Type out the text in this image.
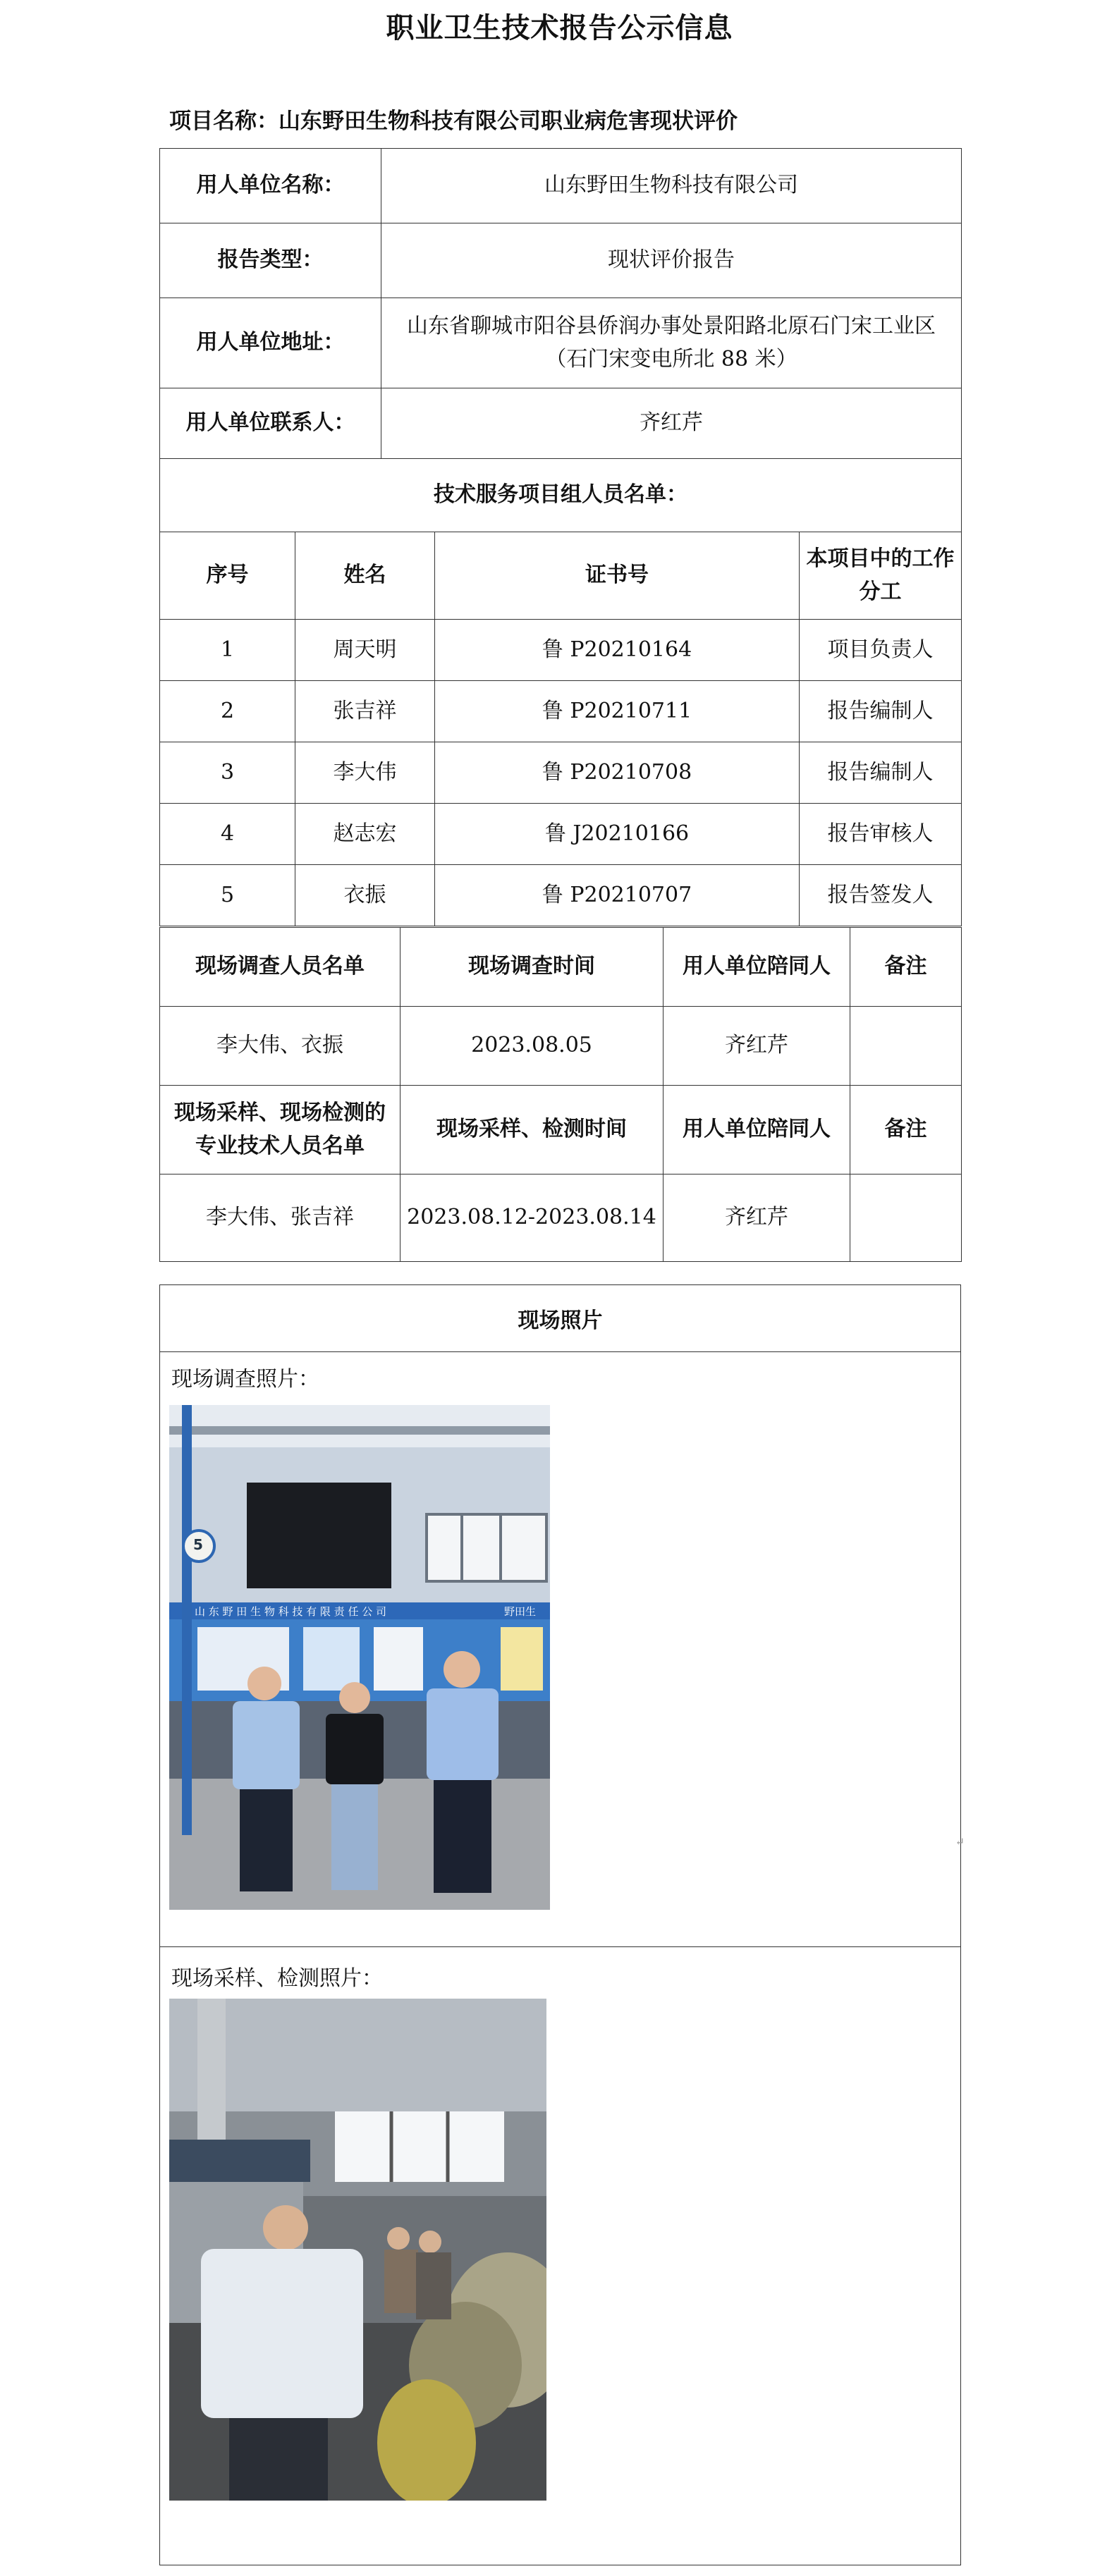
职业卫生技术报告公示信息
项目名称：山东野田生物科技有限公司职业病危害现状评价
用人单位名称：	山东野田生物科技有限公司
报告类型：	现状评价报告
用人单位地址：	山东省聊城市阳谷县侨润办事处景阳路北原石门宋工业区（石门宋变电所北 88 米）
用人单位联系人：	齐红芹
技术服务项目组人员名单：			
序号	姓名	证书号	本项目中的工作分工
1	周天明	鲁 P20210164	项目负责人
2	张吉祥	鲁 P20210711	报告编制人
3	李大伟	鲁 P20210708	报告编制人
4	赵志宏	鲁 J20210166	报告审核人
5	衣振	鲁 P20210707	报告签发人
现场调查人员名单	现场调查时间	用人单位陪同人	备注
李大伟、衣振	2023.08.05	齐红芹	
现场采样、现场检测的专业技术人员名单	现场采样、检测时间	用人单位陪同人	备注
李大伟、张吉祥	2023.08.12-2023.08.14	齐红芹	
现场照片
现场调查照片：
山 东 野 田 生 物 科 技 有 限 责 任 公 司	野田生
5
现场采样、检测照片：
↵
